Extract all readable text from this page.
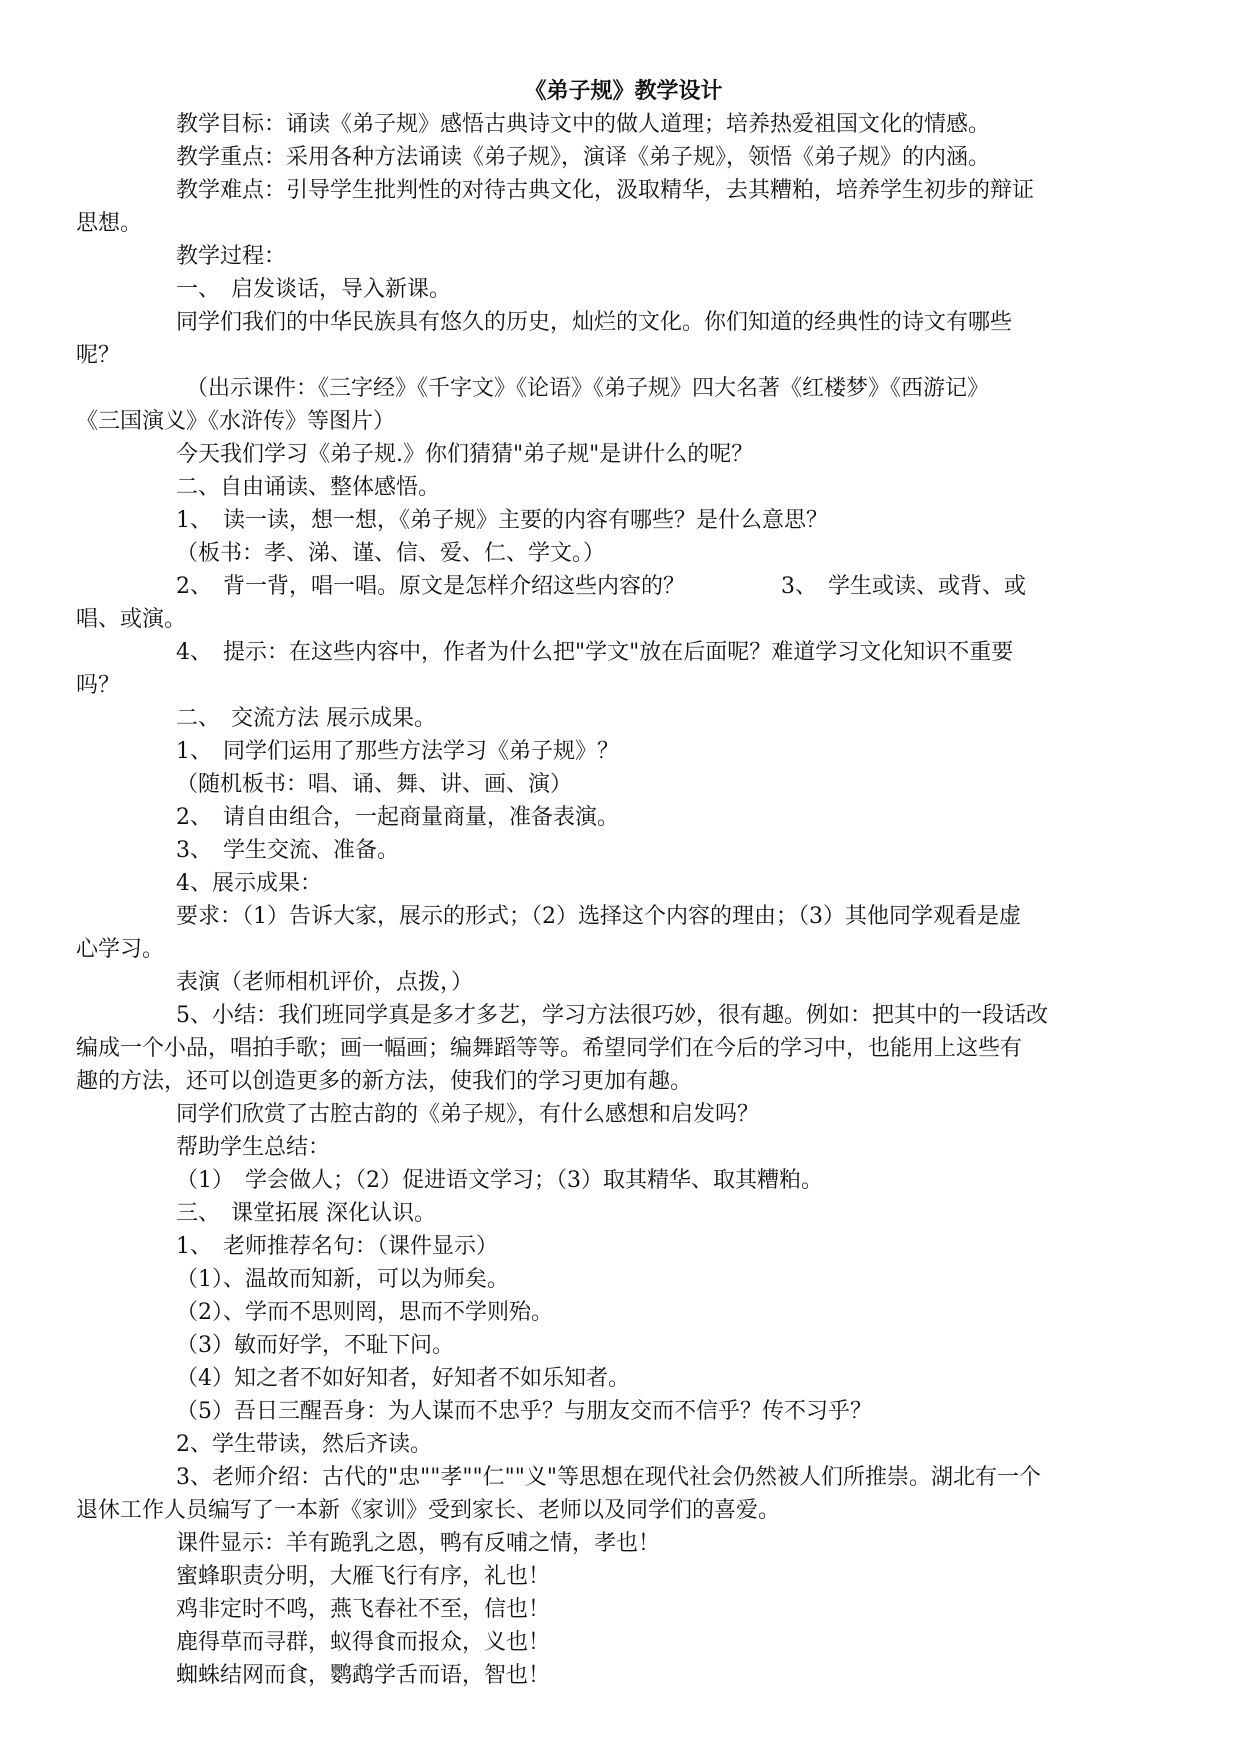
《弟子规》教学设计

教学目标：诵读《弟子规》感悟古典诗文中的做人道理；培养热爱祖国文化的情感。

教学重点：采用各种方法诵读《弟子规》，演译《弟子规》，领悟《弟子规》的内涵。

教学难点：引导学生批判性的对待古典文化，汲取精华，去其糟粕，培养学生初步的辩证

思想。

教学过程：

一、　启发谈话，导入新课。

同学们我们的中华民族具有悠久的历史，灿烂的文化。你们知道的经典性的诗文有哪些

呢？

（出示课件：《三字经》《千字文》《论语》《弟子规》四大名著《红楼梦》《西游记》

《三国演义》《水浒传》等图片）

今天我们学习《弟子规.》你们猜猜"弟子规"是讲什么的呢？

二、自由诵读、整体感悟。

1、　读一读，想一想，《弟子规》主要的内容有哪些？是什么意思？

（板书：孝、涕、谨、信、爱、仁、学文。）

2、　背一背，唱一唱。原文是怎样介绍这些内容的？	3、　学生或读、或背、或

唱、或演。

4、　提示：在这些内容中，作者为什么把"学文"放在后面呢？难道学习文化知识不重要

吗？

二、　交流方法 展示成果。

1、　同学们运用了那些方法学习《弟子规》？

（随机板书：唱、诵、舞、讲、画、演）

2、　请自由组合，一起商量商量，准备表演。

3、　学生交流、准备。

4、展示成果：

要求：（1）告诉大家，展示的形式；（2）选择这个内容的理由；（3）其他同学观看是虚

心学习。

表演（老师相机评价，点拨，）

5、小结：我们班同学真是多才多艺，学习方法很巧妙，很有趣。例如：把其中的一段话改

编成一个小品，唱拍手歌；画一幅画；编舞蹈等等。希望同学们在今后的学习中，也能用上这些有

趣的方法，还可以创造更多的新方法，使我们的学习更加有趣。

同学们欣赏了古腔古韵的《弟子规》，有什么感想和启发吗？

帮助学生总结：

（1）　学会做人；（2）促进语文学习；（3）取其精华、取其糟粕。

三、　课堂拓展 深化认识。

1、　老师推荐名句：（课件显示）

（1）、温故而知新，可以为师矣。

（2）、学而不思则罔，思而不学则殆。

（3）敏而好学，不耻下问。

（4）知之者不如好知者，好知者不如乐知者。

（5）吾日三醒吾身：为人谋而不忠乎？与朋友交而不信乎？传不习乎？

2、学生带读，然后齐读。

3、老师介绍：古代的"忠""孝""仁""义"等思想在现代社会仍然被人们所推崇。湖北有一个

退休工作人员编写了一本新《家训》受到家长、老师以及同学们的喜爱。

课件显示：羊有跪乳之恩，鸭有反哺之情，孝也！

蜜蜂职责分明，大雁飞行有序，礼也！

鸡非定时不鸣，燕飞春社不至，信也！

鹿得草而寻群，蚁得食而报众，义也！

蜘蛛结网而食，鹦鹉学舌而语，智也！
